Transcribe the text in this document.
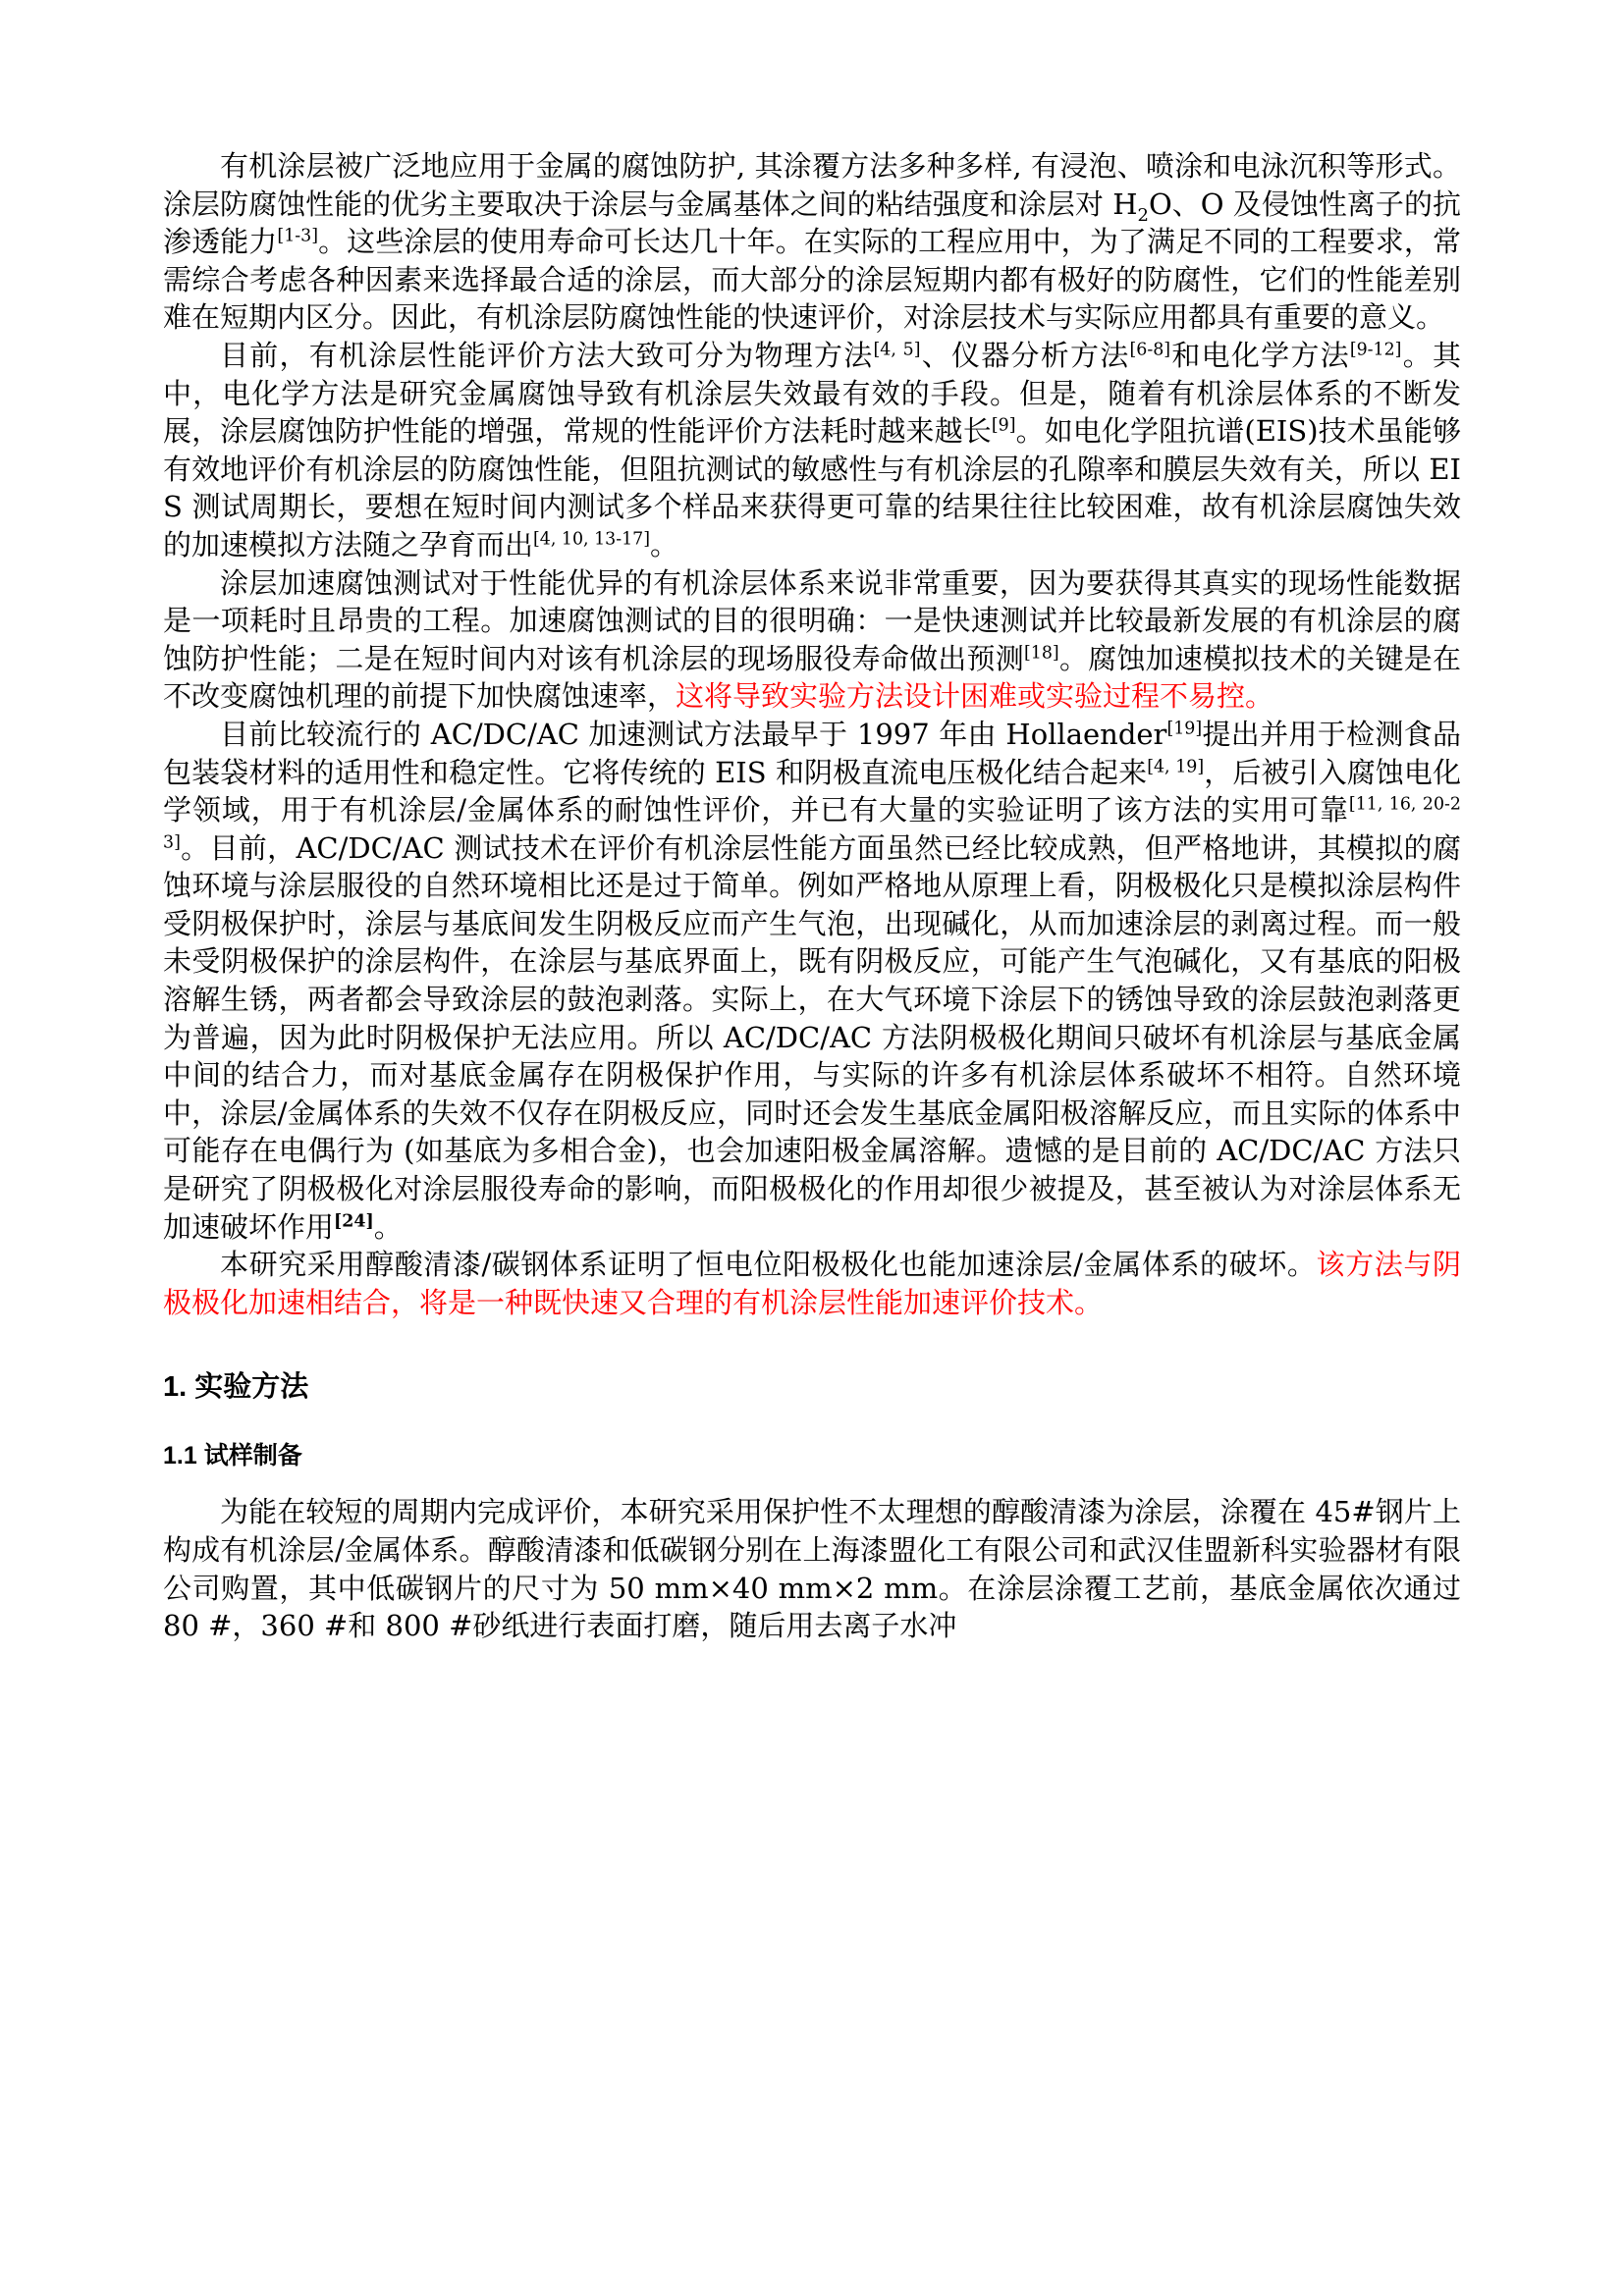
有机涂层被广泛地应用于金属的腐蚀防护, 其涂覆方法多种多样, 有浸泡、喷涂和电泳沉积等形式。涂层防腐蚀性能的优劣主要取决于涂层与金属基体之间的粘结强度和涂层对 $H_2O$、O 及侵蚀性离子的抗渗透能力[1-3]。这些涂层的使用寿命可长达几十年。在实际的工程应用中，为了满足不同的工程要求，常需综合考虑各种因素来选择最合适的涂层，而大部分的涂层短期内都有极好的防腐性，它们的性能差别难在短期内区分。因此，有机涂层防腐蚀性能的快速评价，对涂层技术与实际应用都具有重要的意义。

目前，有机涂层性能评价方法大致可分为物理方法[4, 5]、仪器分析方法[6-8]和电化学方法[9-12]。其中，电化学方法是研究金属腐蚀导致有机涂层失效最有效的手段。但是，随着有机涂层体系的不断发展，涂层腐蚀防护性能的增强，常规的性能评价方法耗时越来越长[9]。如电化学阻抗谱(EIS)技术虽能够有效地评价有机涂层的防腐蚀性能，但阻抗测试的敏感性与有机涂层的孔隙率和膜层失效有关，所以 EIS 测试周期长，要想在短时间内测试多个样品来获得更可靠的结果往往比较困难，故有机涂层腐蚀失效的加速模拟方法随之孕育而出[4, 10, 13-17]。

涂层加速腐蚀测试对于性能优异的有机涂层体系来说非常重要，因为要获得其真实的现场性能数据是一项耗时且昂贵的工程。加速腐蚀测试的目的很明确：一是快速测试并比较最新发展的有机涂层的腐蚀防护性能；二是在短时间内对该有机涂层的现场服役寿命做出预测[18]。腐蚀加速模拟技术的关键是在不改变腐蚀机理的前提下加快腐蚀速率，这将导致实验方法设计困难或实验过程不易控。

目前比较流行的 AC/DC/AC 加速测试方法最早于 1997 年由 Hollaender[19]提出并用于检测食品包装袋材料的适用性和稳定性。它将传统的 EIS 和阴极直流电压极化结合起来[4, 19]，后被引入腐蚀电化学领域，用于有机涂层/金属体系的耐蚀性评价，并已有大量的实验证明了该方法的实用可靠[11, 16, 20-23]。目前，AC/DC/AC 测试技术在评价有机涂层性能方面虽然已经比较成熟，但严格地讲，其模拟的腐蚀环境与涂层服役的自然环境相比还是过于简单。例如严格地从原理上看，阴极极化只是模拟涂层构件受阴极保护时，涂层与基底间发生阴极反应而产生气泡，出现碱化，从而加速涂层的剥离过程。而一般未受阴极保护的涂层构件，在涂层与基底界面上，既有阴极反应，可能产生气泡碱化，又有基底的阳极溶解生锈，两者都会导致涂层的鼓泡剥落。实际上，在大气环境下涂层下的锈蚀导致的涂层鼓泡剥落更为普遍，因为此时阴极保护无法应用。所以 AC/DC/AC 方法阴极极化期间只破坏有机涂层与基底金属中间的结合力，而对基底金属存在阴极保护作用，与实际的许多有机涂层体系破坏不相符。自然环境中，涂层/金属体系的失效不仅存在阴极反应，同时还会发生基底金属阳极溶解反应，而且实际的体系中可能存在电偶行为 (如基底为多相合金)，也会加速阳极金属溶解。遗憾的是目前的 AC/DC/AC 方法只是研究了阴极极化对涂层服役寿命的影响，而阳极极化的作用却很少被提及，甚至被认为对涂层体系无加速破坏作用[24]。

本研究采用醇酸清漆/碳钢体系证明了恒电位阳极极化也能加速涂层/金属体系的破坏。该方法与阴极极化加速相结合，将是一种既快速又合理的有机涂层性能加速评价技术。

1. 实验方法
1.1 试样制备

为能在较短的周期内完成评价，本研究采用保护性不太理想的醇酸清漆为涂层，涂覆在 45#钢片上构成有机涂层/金属体系。醇酸清漆和低碳钢分别在上海漆盟化工有限公司和武汉佳盟新科实验器材有限公司购置，其中低碳钢片的尺寸为 50 mm×40 mm×2 mm。在涂层涂覆工艺前，基底金属依次通过 80 #，360 #和 800 #砂纸进行表面打磨，随后用去离子水冲
